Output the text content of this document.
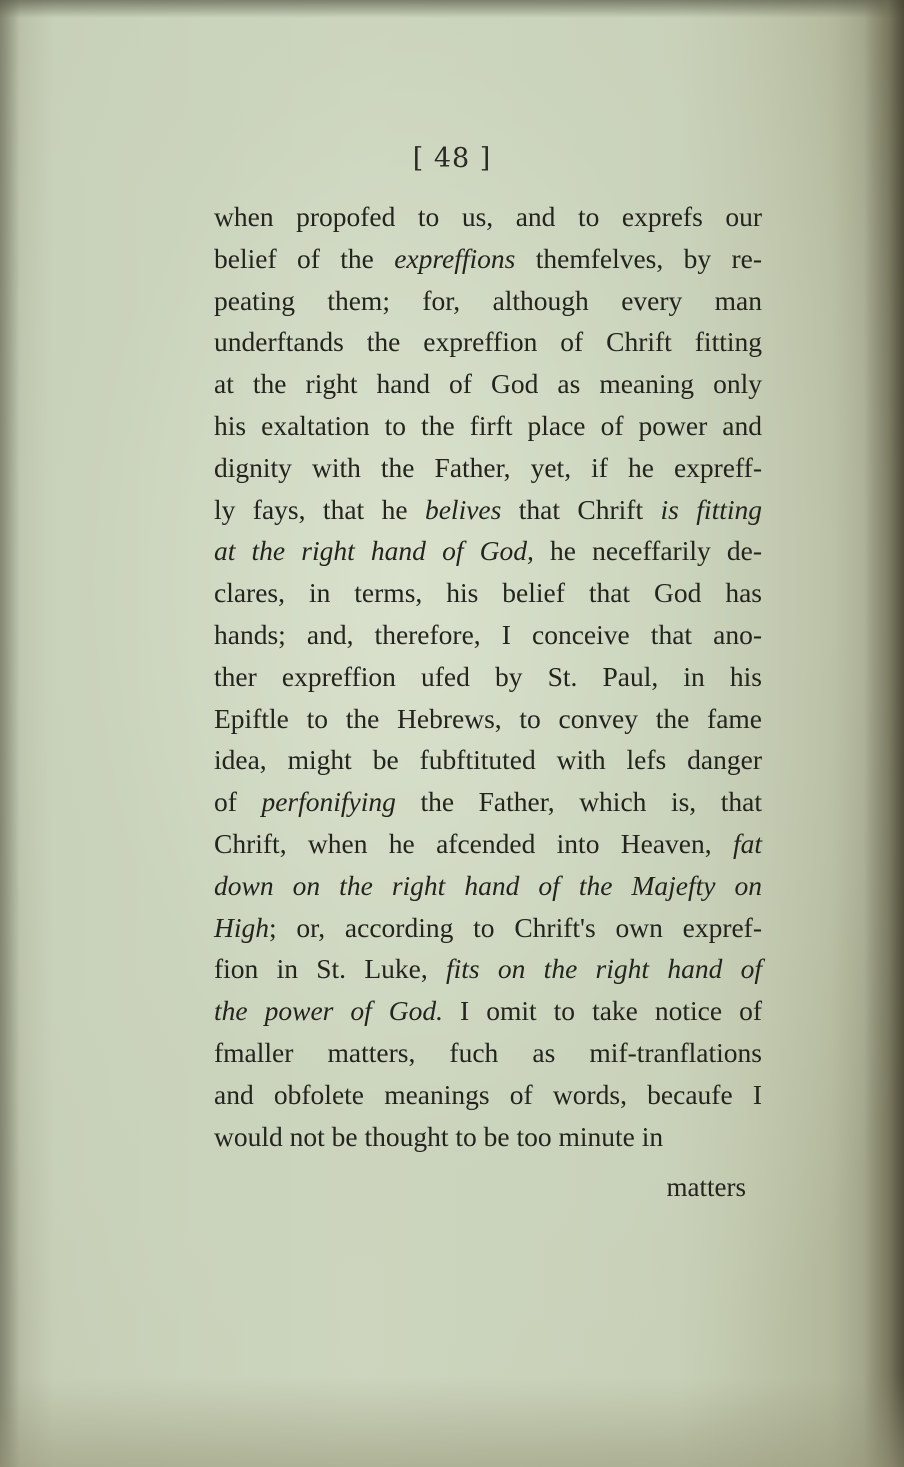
[ 48 ]
when propofed to us, and to exprefs our
belief of the expreffions themfelves, by re-
peating them; for, although every man
underftands the expreffion of Chrift fitting
at the right hand of God as meaning only
his exaltation to the firft place of power and
dignity with the Father, yet, if he expreff-
ly fays, that he belives that Chrift is fitting
at the right hand of God, he neceffarily de-
clares, in terms, his belief that God has
hands; and, therefore, I conceive that ano-
ther expreffion ufed by St. Paul, in his
Epiftle to the Hebrews, to convey the fame
idea, might be fubftituted with lefs danger
of perfonifying the Father, which is, that
Chrift, when he afcended into Heaven, fat
down on the right hand of the Majefty on
High; or, according to Chrift's own expref-
fion in St. Luke, fits on the right hand of
the power of God. I omit to take notice of
fmaller matters, fuch as mif-tranflations
and obfolete meanings of words, becaufe I
would not be thought to be too minute in
matters
